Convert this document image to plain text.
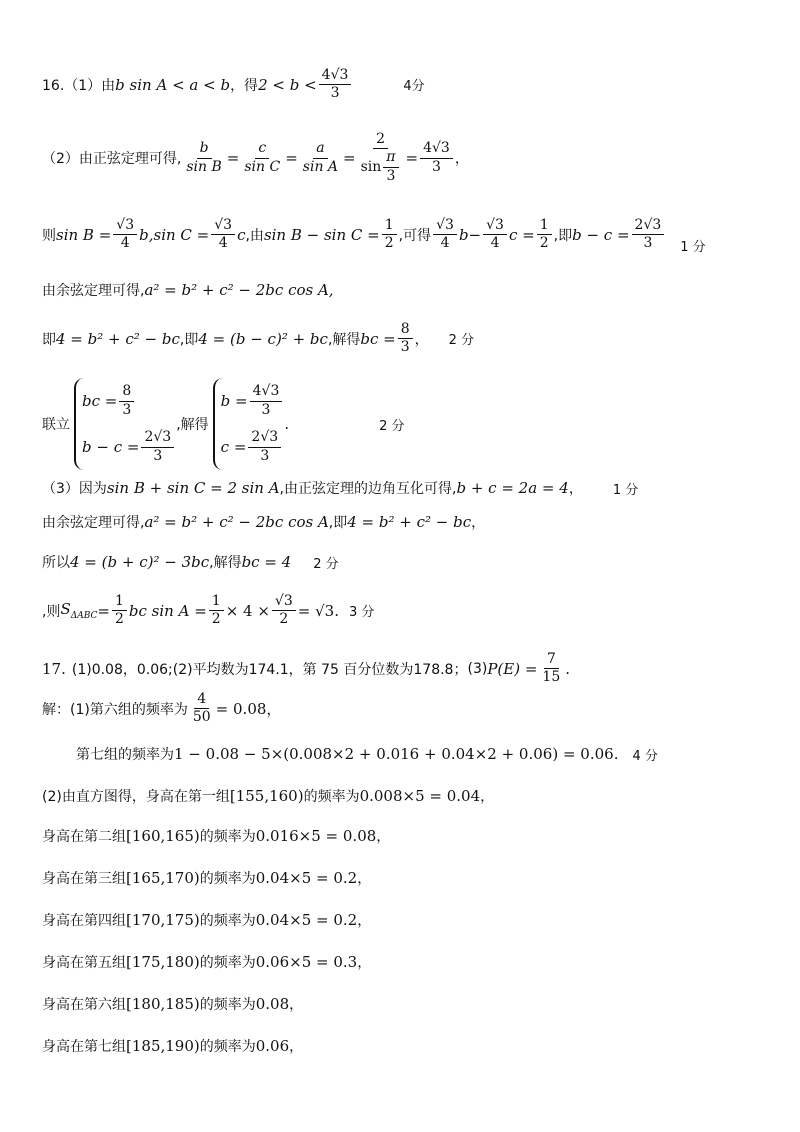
16.（1）由 b sin A < a < b ，得 $2 < b < \frac{4√3}{3}$	4分
（2）由正弦定理可得, $\frac{b}{\text{sin B}} = \frac{c}{\text{sin C}} = \frac{a}{\text{sin A}} = \frac{2}{\sin \frac{\pi}{3}} = \frac{4√3}{3}$ ，
则 $\sin B = \frac{√3}{4}$ b ,sin $C = \frac{√3}{4}$ c ,由 $\sin B - \sin C = \frac{1}{2}$ ,可得 $\frac{√3}{4}$ $b - \frac{√3}{4}$ $c = \frac{1}{2}$ ,即 $b - c = \frac{2√3}{3} 1$ 分
由余弦定理可得, a² = b² + c² − 2bc cos A,
即 4 = b² + c² − bc ,即 4 = (b − c)² + bc ,解得 bc = $\frac{8}{3}$ ， 2 分
联立
bc = $\frac{8}{3}$
$b - c = \frac{2√3}{3}$
,解得
$b = \frac{4√3}{3}$
$c = \frac{2√3}{3}$
.	2 分
（3）因为 sin B + sin C = 2 sin A ,由正弦定理的边角互化可得, b + c = 2a = 4 ， 1 分
由余弦定理可得, a² = b² + c² − 2bc cos A ,即 4 = b² + c² − bc ，
所以 4 = (b + c)² − 3bc ,解得 bc = 4 2 分
,则 $S_{\Delta ABC} = \frac{1}{2}$ bc $\sin A = \frac{1}{2} \times 4 \times \frac{√3}{2} = √3$ . 3 分
17. (1)0.08，0.06; (2)平均数为174.1，第 75 百分位数为178.8； (3) $P(E) = \frac{7}{15}$ .
解：(1)第六组的频率为 $\frac{4}{50} = 0.08$，
第七组的频率为 1 − 0.08 − 5×(0.008×2 + 0.016 + 0.04×2 + 0.06) = 0.06 . 4 分
(2)由直方图得，身高在第一组 [155,160) 的频率为 0.008×5 = 0.04 ，
身高在第二组 [160,165) 的频率为 0.016×5 = 0.08 ，
身高在第三组 [165,170) 的频率为 0.04×5 = 0.2 ，
身高在第四组 [170,175) 的频率为 0.04×5 = 0.2 ，
身高在第五组 [175,180) 的频率为 0.06×5 = 0.3 ，
身高在第六组 [180,185) 的频率为 0.08 ，
身高在第七组 [185,190) 的频率为 0.06 ，
